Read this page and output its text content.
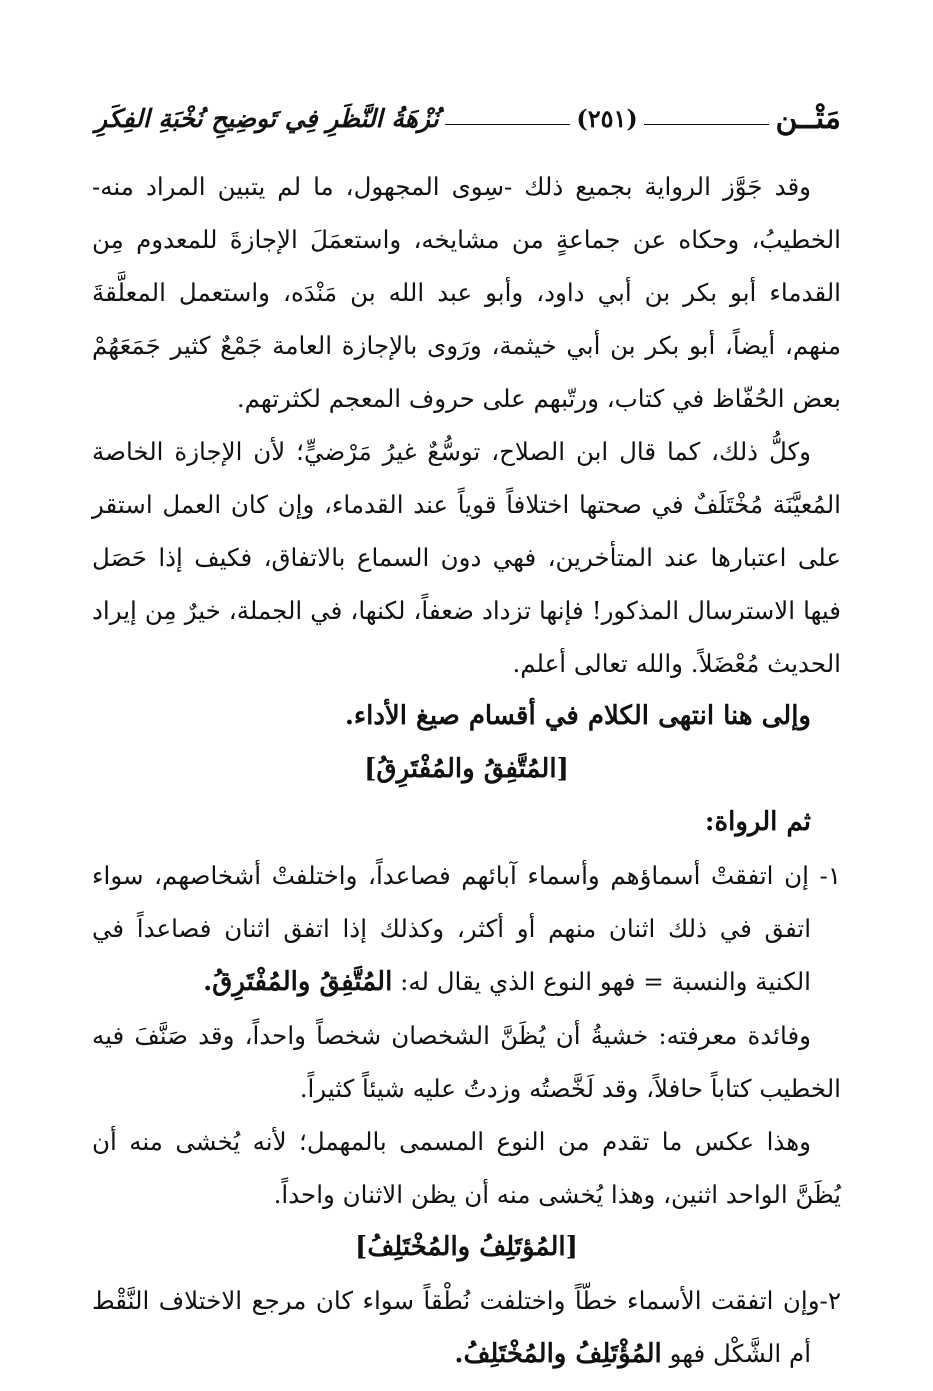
مَتْــن
(٢٥١)
نُزْهَةُ النَّظَرِ فِي تَوضِيحِ نُخْبَةِ الفِكَرِ

وقد جَوَّز الرواية بجميع ذلك -سِوى المجهول، ما لم يتبين المراد منه- الخطيبُ، وحكاه عن جماعةٍ من مشايخه، واستعمَلَ الإجازةَ للمعدوم مِن القدماء أبو بكر بن أبي داود، وأبو عبد الله بن مَنْدَه، واستعمل المعلَّقةَ منهم، أيضاً، أبو بكر بن أبي خيثمة، ورَوى بالإجازة العامة جَمْعٌ كثير جَمَعَهُمْ بعض الحُفّاظ في كتاب، ورتّبهم على حروف المعجم لكثرتهم.

وكلُّ ذلك، كما قال ابن الصلاح، توسُّعٌ غيرُ مَرْضيٍّ؛ لأن الإجازة الخاصة المُعيَّنَة مُخْتَلَفٌ في صحتها اختلافاً قوياً عند القدماء، وإن كان العمل استقر على اعتبارها عند المتأخرين، فهي دون السماع بالاتفاق، فكيف إذا حَصَل فيها الاسترسال المذكور! فإنها تزداد ضعفاً، لكنها، في الجملة، خيرٌ مِن إيراد الحديث مُعْضَلاً. والله تعالى أعلم.

وإلى هنا انتهى الكلام في أقسام صيغ الأداء.

[المُتَّفِقُ والمُفْتَرِقُ]

ثم الرواة:

١- إن اتفقتْ أسماؤهم وأسماء آبائهم فصاعداً، واختلفتْ أشخاصهم، سواء اتفق في ذلك اثنان منهم أو أكثر، وكذلك إذا اتفق اثنان فصاعداً في الكنية والنسبة = فهو النوع الذي يقال له: المُتَّفِقُ والمُفْتَرِقُ.

وفائدة معرفته: خشيةُ أن يُظَنَّ الشخصان شخصاً واحداً، وقد صَنَّفَ فيه الخطيب كتاباً حافلاً، وقد لَخَّصتُه وزدتُ عليه شيئاً كثيراً.

وهذا عكس ما تقدم من النوع المسمى بالمهمل؛ لأنه يُخشى منه أن يُظَنَّ الواحد اثنين، وهذا يُخشى منه أن يظن الاثنان واحداً.

[المُؤتَلِفُ والمُخْتَلِفُ]

٢-وإن اتفقت الأسماء خطّاً واختلفت نُطْقاً سواء كان مرجع الاختلاف النَّقْط أم الشَّكْل فهو المُؤْتَلِفُ والمُخْتَلِفُ.
